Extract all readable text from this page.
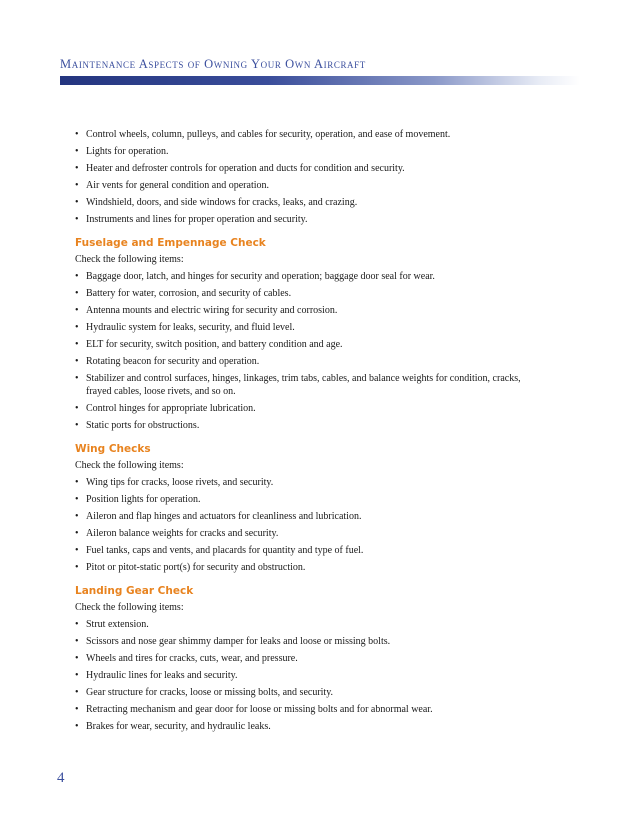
Maintenance Aspects of Owning Your Own Aircraft
• Control wheels, column, pulleys, and cables for security, operation, and ease of movement.
• Lights for operation.
• Heater and defroster controls for operation and ducts for condition and security.
• Air vents for general condition and operation.
• Windshield, doors, and side windows for cracks, leaks, and crazing.
• Instruments and lines for proper operation and security.
Fuselage and Empennage Check

Check the following items:

• Baggage door, latch, and hinges for security and operation; baggage door seal for wear.
• Battery for water, corrosion, and security of cables.
• Antenna mounts and electric wiring for security and corrosion.
• Hydraulic system for leaks, security, and fluid level.
• ELT for security, switch position, and battery condition and age.
• Rotating beacon for security and operation.
• Stabilizer and control surfaces, hinges, linkages, trim tabs, cables, and balance weights for condition, cracks, frayed cables, loose rivets, and so on.
• Control hinges for appropriate lubrication.
• Static ports for obstructions.
Wing Checks

Check the following items:

• Wing tips for cracks, loose rivets, and security.
• Position lights for operation.
• Aileron and flap hinges and actuators for cleanliness and lubrication.
• Aileron balance weights for cracks and security.
• Fuel tanks, caps and vents, and placards for quantity and type of fuel.
• Pitot or pitot-static port(s) for security and obstruction.
Landing Gear Check

Check the following items:

• Strut extension.
• Scissors and nose gear shimmy damper for leaks and loose or missing bolts.
• Wheels and tires for cracks, cuts, wear, and pressure.
• Hydraulic lines for leaks and security.
• Gear structure for cracks, loose or missing bolts, and security.
• Retracting mechanism and gear door for loose or missing bolts and for abnormal wear.
• Brakes for wear, security, and hydraulic leaks.
4
